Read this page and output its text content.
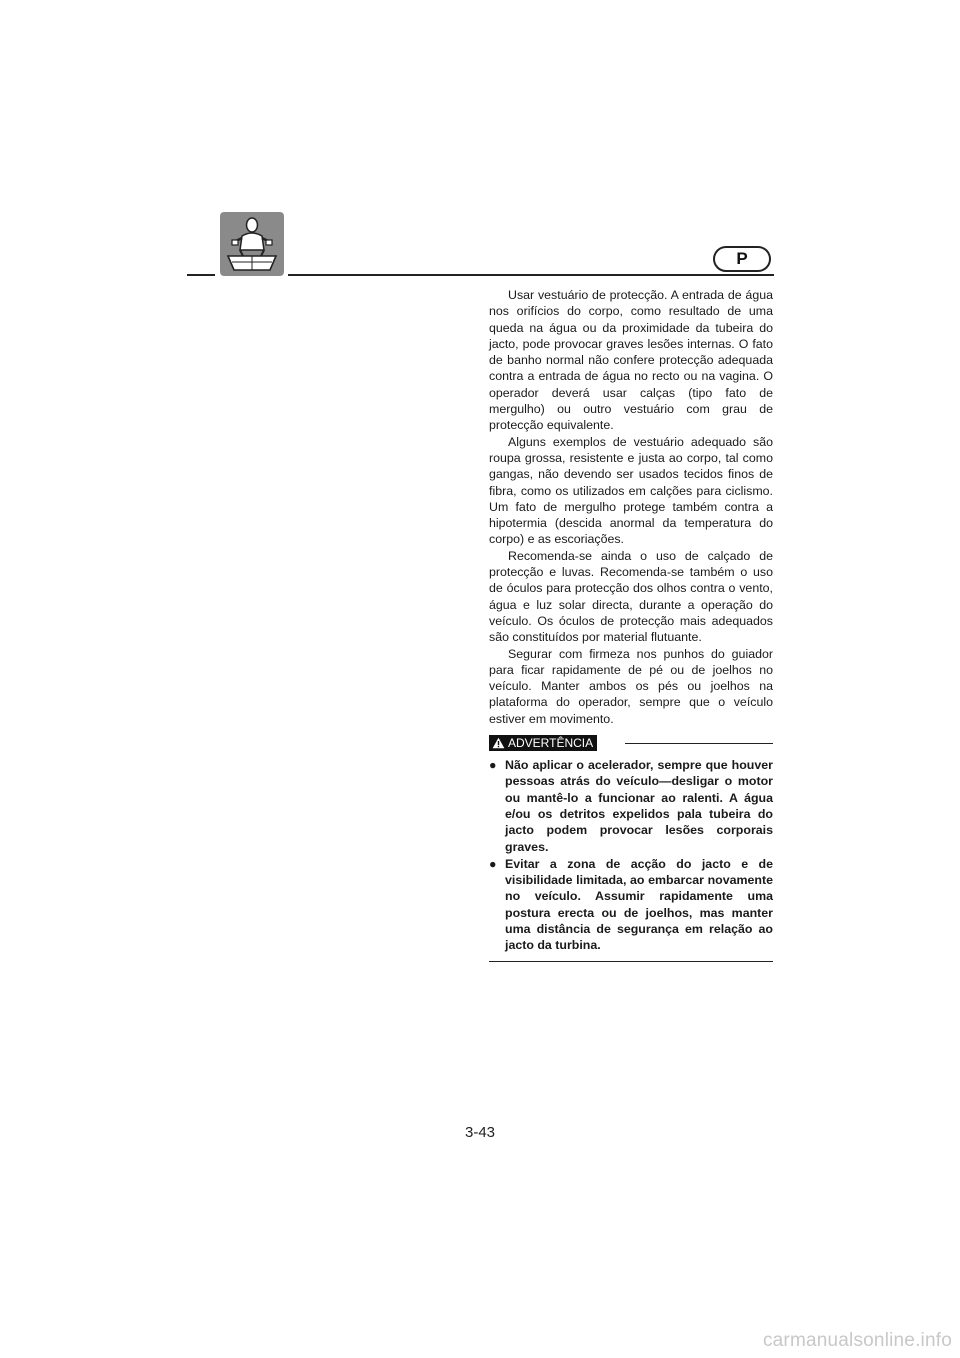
P

Usar vestuário de protecção. A entrada de água nos orifícios do corpo, como resultado de uma queda na água ou da proximidade da tubeira do jacto, pode provocar graves lesões internas. O fato de banho normal não confere protecção adequada contra a entrada de água no recto ou na vagina. O operador deverá usar calças (tipo fato de mergulho) ou outro vestuário com grau de protecção equivalente.

Alguns exemplos de vestuário adequado são roupa grossa, resistente e justa ao corpo, tal como gangas, não devendo ser usados tecidos finos de fibra, como os utilizados em calções para ciclismo. Um fato de mergulho protege também contra a hipotermia (descida anormal da temperatura do corpo) e as escoriações.

Recomenda-se ainda o uso de calçado de protecção e luvas. Recomenda-se também o uso de óculos para protecção dos olhos contra o vento, água e luz solar directa, durante a operação do veículo. Os óculos de protecção mais adequados são constituídos por material flutuante.

Segurar com firmeza nos punhos do guiador para ficar rapidamente de pé ou de joelhos no veículo. Manter ambos os pés ou joelhos na plataforma do operador, sempre que o veículo estiver em movimento.

ADVERTÊNCIA
● Não aplicar o acelerador, sempre que houver pessoas atrás do veículo—desligar o motor ou mantê-lo a funcionar ao ralenti. A água e/ou os detritos expelidos pala tubeira do jacto podem provocar lesões corporais graves.
● Evitar a zona de acção do jacto e de visibilidade limitada, ao embarcar novamente no veículo. Assumir rapidamente uma postura erecta ou de joelhos, mas manter uma distância de segurança em relação ao jacto da turbina.
3-43
carmanualsonline.info
